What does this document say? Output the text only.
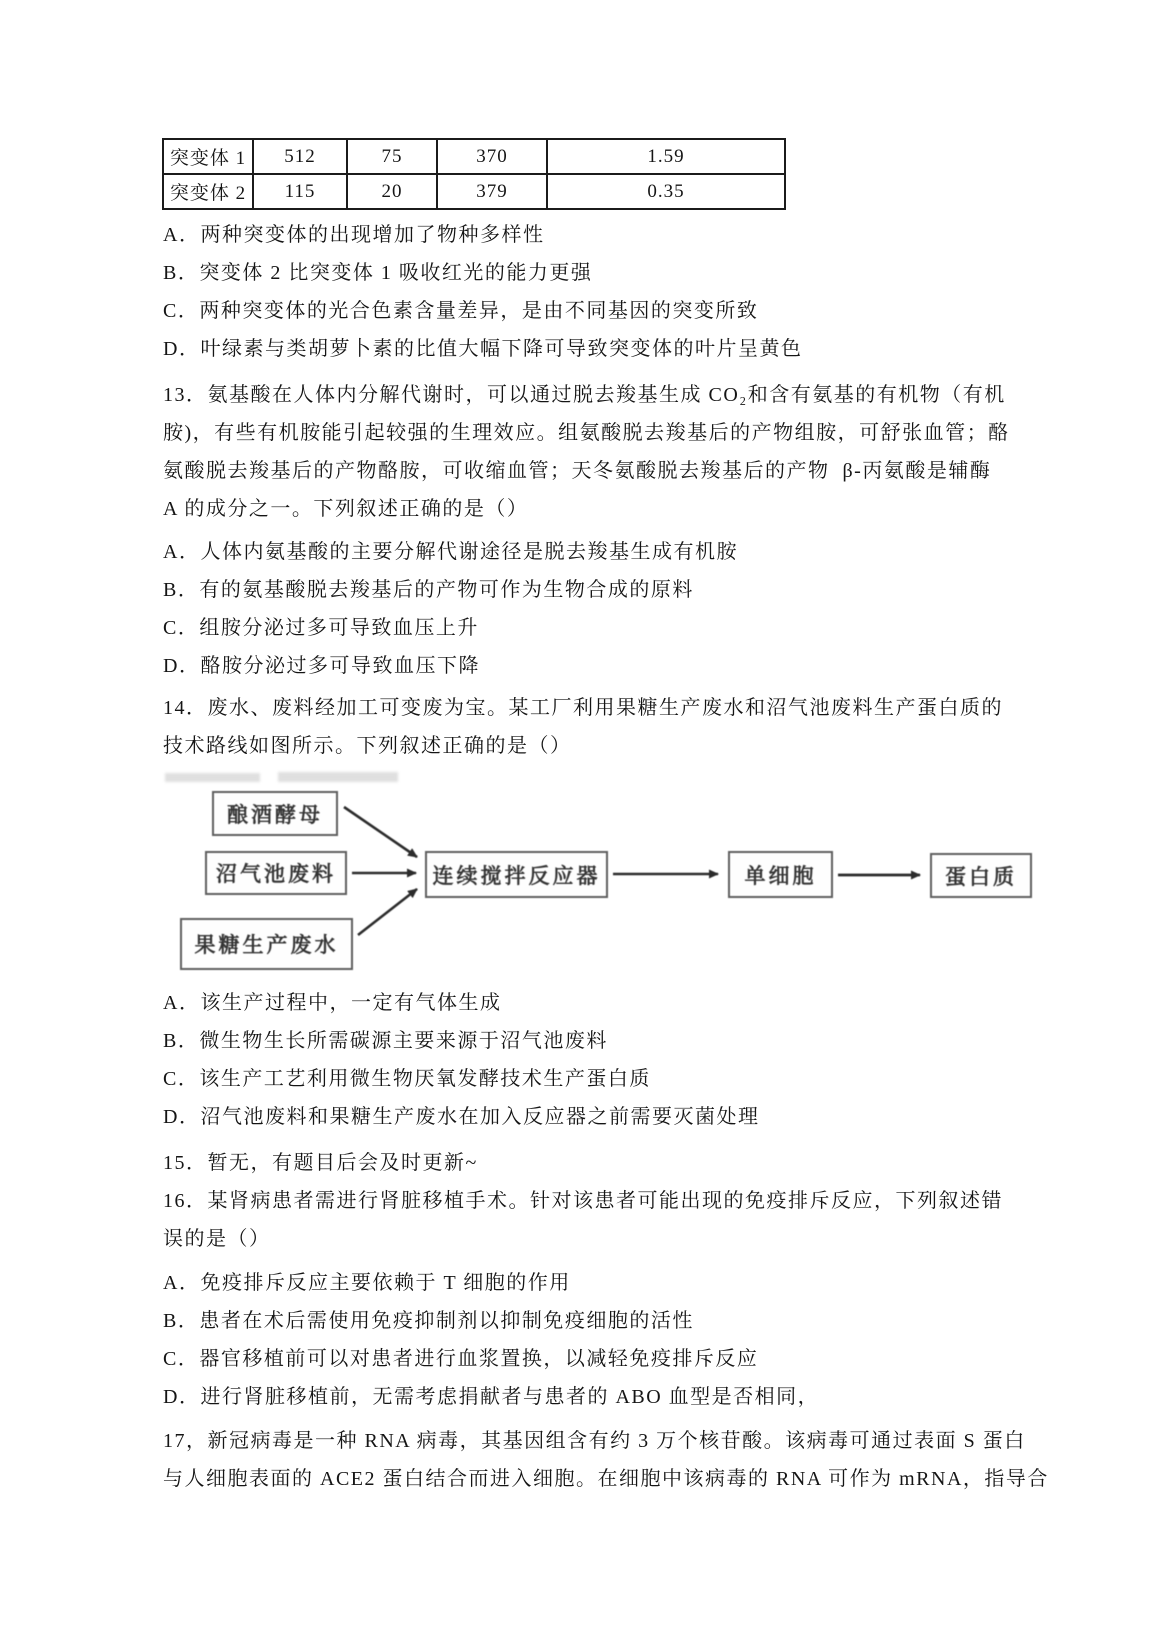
突变体 1	512	75	370	1.59
突变体 2	115	20	379	0.35
A．两种突变体的出现增加了物种多样性
B．突变体 2 比突变体 1 吸收红光的能力更强
C．两种突变体的光合色素含量差异，是由不同基因的突变所致
D．叶绿素与类胡萝卜素的比值大幅下降可导致突变体的叶片呈黄色
13．氨基酸在人体内分解代谢时，可以通过脱去羧基生成 CO₂和含有氨基的有机物（有机
胺)，有些有机胺能引起较强的生理效应。组氨酸脱去羧基后的产物组胺，可舒张血管；酪
氨酸脱去羧基后的产物酪胺，可收缩血管；天冬氨酸脱去羧基后的产物  β-丙氨酸是辅酶
A 的成分之一。下列叙述正确的是（）
A．人体内氨基酸的主要分解代谢途径是脱去羧基生成有机胺
B．有的氨基酸脱去羧基后的产物可作为生物合成的原料
C．组胺分泌过多可导致血压上升
D．酪胺分泌过多可导致血压下降
14．废水、废料经加工可变废为宝。某工厂利用果糖生产废水和沼气池废料生产蛋白质的
技术路线如图所示。下列叙述正确的是（）
酿酒酵母
沼气池废料
果糖生产废水
连续搅拌反应器	单细胞	蛋白质
A．该生产过程中，一定有气体生成
B．微生物生长所需碳源主要来源于沼气池废料
C．该生产工艺利用微生物厌氧发酵技术生产蛋白质
D．沼气池废料和果糖生产废水在加入反应器之前需要灭菌处理
15．暂无，有题目后会及时更新~
16．某肾病患者需进行肾脏移植手术。针对该患者可能出现的免疫排斥反应，下列叙述错
误的是（）
A．免疫排斥反应主要依赖于 T 细胞的作用
B．患者在术后需使用免疫抑制剂以抑制免疫细胞的活性
C．器官移植前可以对患者进行血浆置换，以减轻免疫排斥反应
D．进行肾脏移植前，无需考虑捐献者与患者的 ABO 血型是否相同，
17，新冠病毒是一种 RNA 病毒，其基因组含有约 3 万个核苷酸。该病毒可通过表面 S 蛋白
与人细胞表面的 ACE2 蛋白结合而进入细胞。在细胞中该病毒的 RNA 可作为 mRNA，指导合
